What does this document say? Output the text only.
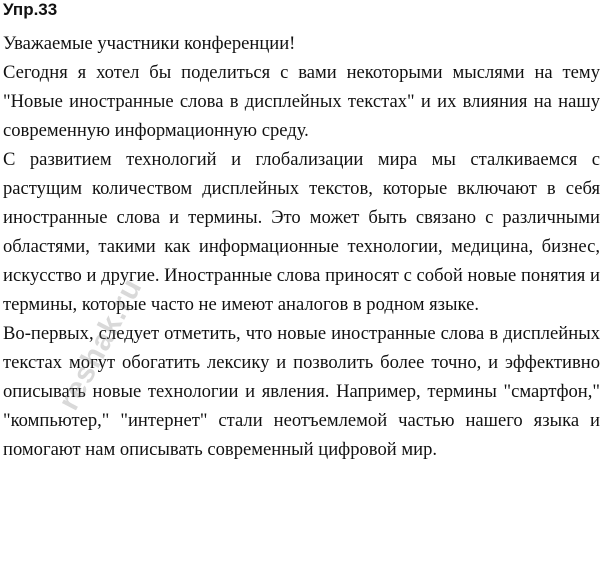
Упр.33

Уважаемые участники конференции!

Сегодня я хотел бы поделиться с вами некоторыми мыслями на тему "Новые иностранные слова в дисплейных текстах" и их влияния на нашу современную информационную среду.

С развитием технологий и глобализации мира мы сталкиваемся с растущим количеством дисплейных текстов, которые включают в себя иностранные слова и термины. Это может быть связано с различными областями, такими как информационные технологии, медицина, бизнес, искусство и другие. Иностранные слова приносят с собой новые понятия и термины, которые часто не имеют аналогов в родном языке.

Во-первых, следует отметить, что новые иностранные слова в дисплейных текстах могут обогатить лексику и позволить более точно, и эффективно описывать новые технологии и явления. Например, термины "смартфон," "компьютер," "интернет" стали неотъемлемой частью нашего языка и помогают нам описывать современный цифровой мир.

reshak.ru
